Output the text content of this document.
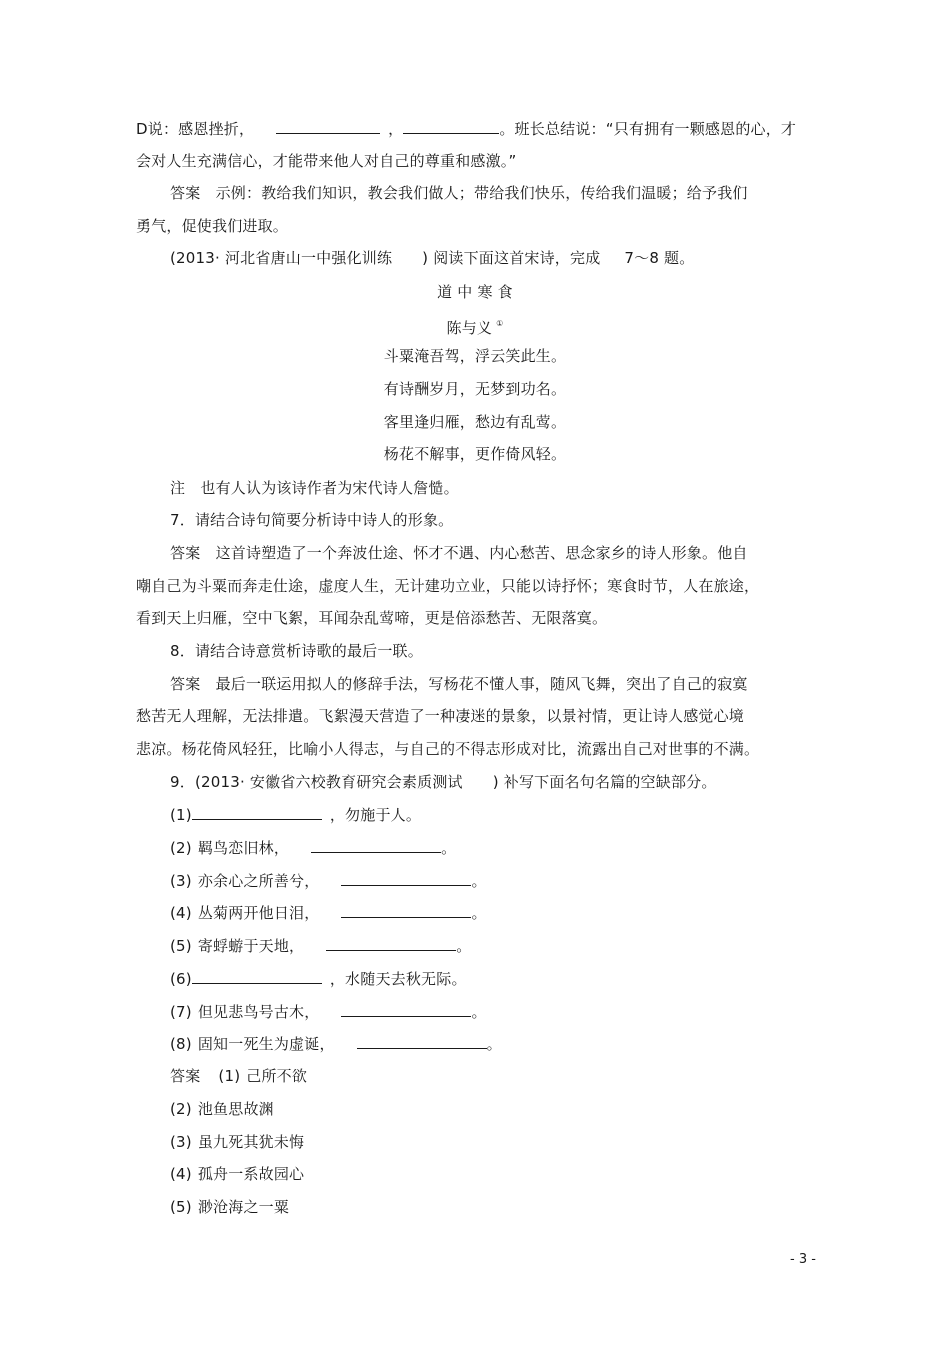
D说：感恩挫折，	，	。班长总结说：“只有拥有一颗感恩的心，才
会对人生充满信心，才能带来他人对自己的尊重和感激。”
答案　示例：教给我们知识，教会我们做人；带给我们快乐，传给我们温暖；给予我们
勇气，促使我们进取。
(2013· 河北省唐山一中强化训练 ) 阅读下面这首宋诗，完成 7～8 题。
道 中 寒 食
陈与义 ①
斗粟淹吾驾，浮云笑此生。
有诗酬岁月，无梦到功名。
客里逢归雁，愁边有乱莺。
杨花不解事，更作倚风轻。
注　也有人认为该诗作者为宋代诗人詹慥。
7．请结合诗句简要分析诗中诗人的形象。
答案　这首诗塑造了一个奔波仕途、怀才不遇、内心愁苦、思念家乡的诗人形象。他自
嘲自己为斗粟而奔走仕途，虚度人生，无计建功立业，只能以诗抒怀；寒食时节，人在旅途，
看到天上归雁，空中飞絮，耳闻杂乱莺啼，更是倍添愁苦、无限落寞。
8．请结合诗意赏析诗歌的最后一联。
答案　最后一联运用拟人的修辞手法，写杨花不懂人事，随风飞舞，突出了自己的寂寞
愁苦无人理解，无法排遣。飞絮漫天营造了一种凄迷的景象，以景衬情，更让诗人感觉心境
悲凉。杨花倚风轻狂，比喻小人得志，与自己的不得志形成对比，流露出自己对世事的不满。
9．(2013· 安徽省六校教育研究会素质测试 ) 补写下面名句名篇的空缺部分。
(1)	，勿施于人。
(2) 羁鸟恋旧林，	。
(3) 亦余心之所善兮，	。
(4) 丛菊两开他日泪，	。
(5) 寄蜉蝣于天地，	。
(6)	，水随天去秋无际。
(7) 但见悲鸟号古木，	。
(8) 固知一死生为虚诞，	。
答案 (1) 己所不欲
(2) 池鱼思故渊
(3) 虽九死其犹未悔
(4) 孤舟一系故园心
(5) 渺沧海之一粟
- 3 -
